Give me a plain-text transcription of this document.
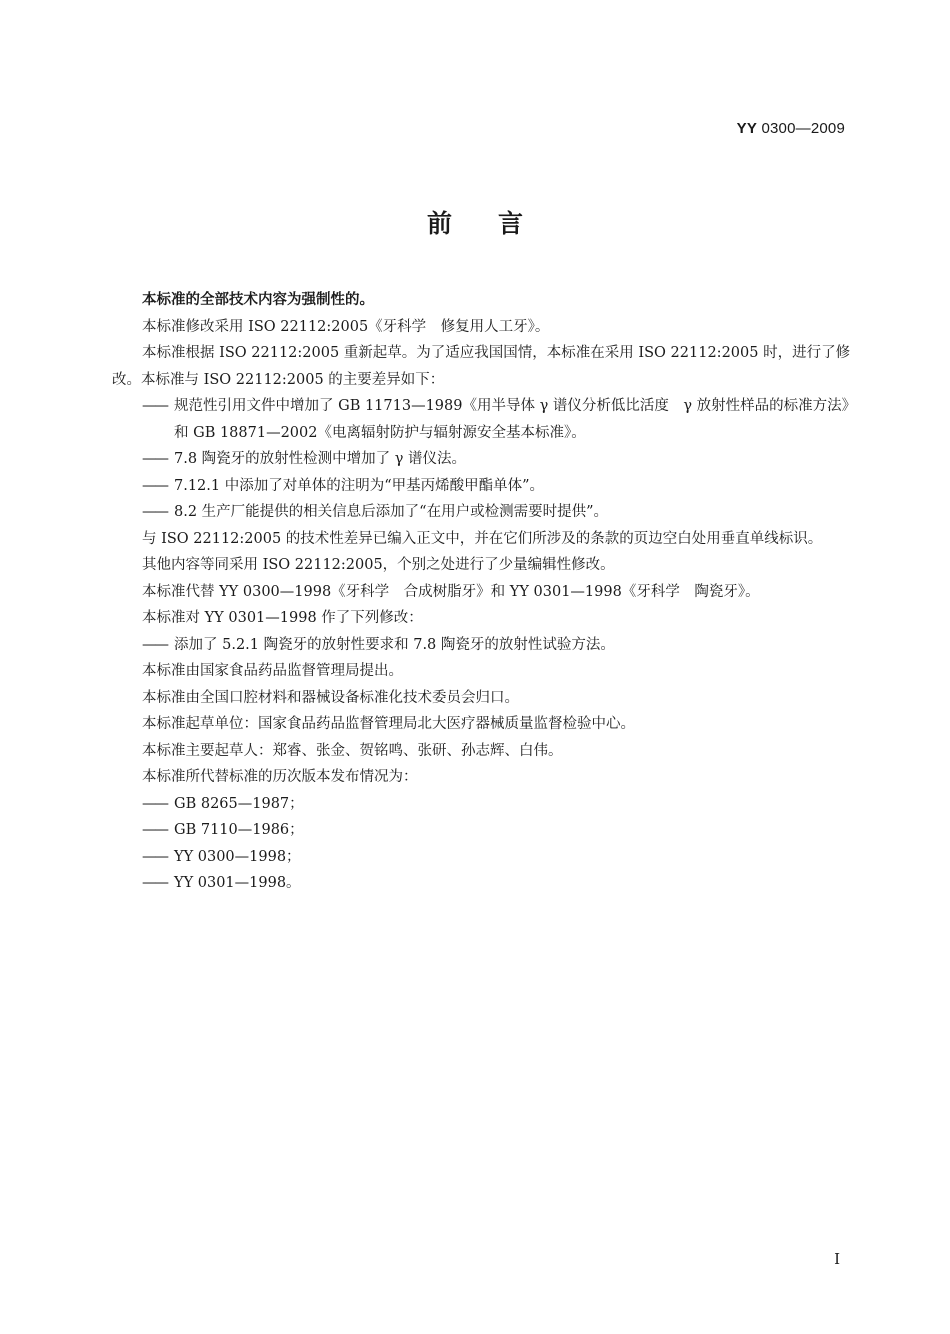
YY 0300—2009
前言

本标准的全部技术内容为强制性的。

本标准修改采用 ISO 22112:2005《牙科学　修复用人工牙》。

本标准根据 ISO 22112:2005 重新起草。为了适应我国国情，本标准在采用 ISO 22112:2005 时，进行了修改。本标准与 ISO 22112:2005 的主要差异如下：

—— 规范性引用文件中增加了 GB 11713—1989《用半导体 γ 谱仪分析低比活度　γ 放射性样品的标准方法》和 GB 18871—2002《电离辐射防护与辐射源安全基本标准》。

—— 7.8 陶瓷牙的放射性检测中增加了 γ 谱仪法。

—— 7.12.1 中添加了对单体的注明为“甲基丙烯酸甲酯单体”。

—— 8.2 生产厂能提供的相关信息后添加了“在用户或检测需要时提供”。

与 ISO 22112:2005 的技术性差异已编入正文中，并在它们所涉及的条款的页边空白处用垂直单线标识。

其他内容等同采用 ISO 22112:2005，个别之处进行了少量编辑性修改。

本标准代替 YY 0300—1998《牙科学　合成树脂牙》和 YY 0301—1998《牙科学　陶瓷牙》。

本标准对 YY 0301—1998 作了下列修改：

—— 添加了 5.2.1 陶瓷牙的放射性要求和 7.8 陶瓷牙的放射性试验方法。

本标准由国家食品药品监督管理局提出。

本标准由全国口腔材料和器械设备标准化技术委员会归口。

本标准起草单位：国家食品药品监督管理局北大医疗器械质量监督检验中心。

本标准主要起草人：郑睿、张金、贺铭鸣、张研、孙志辉、白伟。

本标准所代替标准的历次版本发布情况为：

—— GB 8265—1987；

—— GB 7110—1986；

—— YY 0300—1998；

—— YY 0301—1998。

I
